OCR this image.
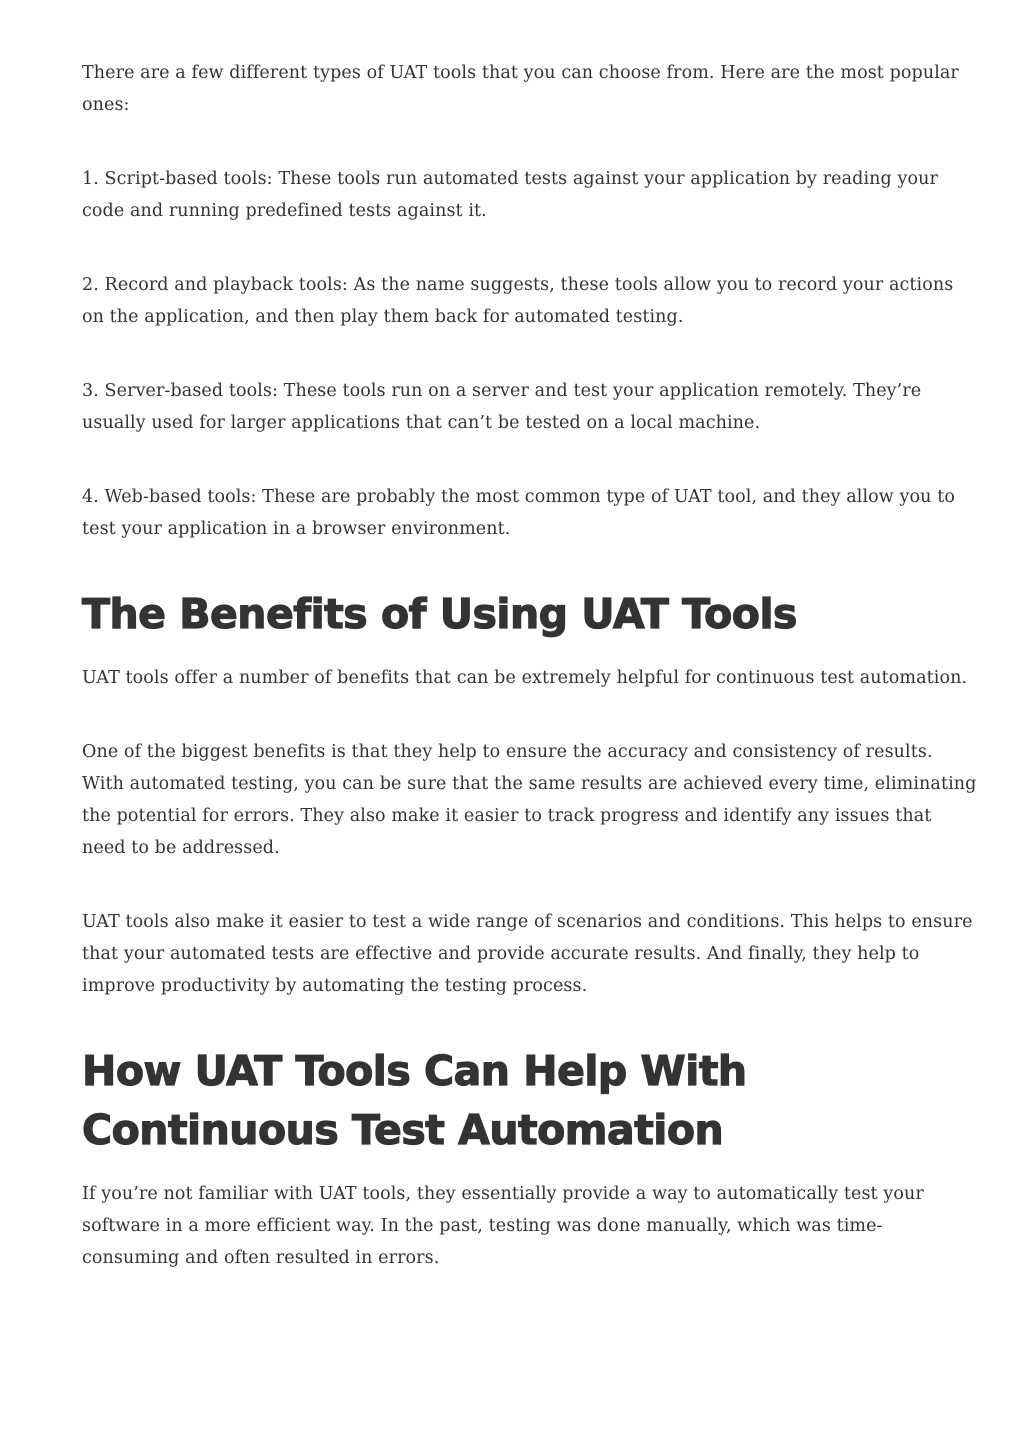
There are a few different types of UAT tools that you can choose from. Here are the most popular ones:

1. Script-based tools: These tools run automated tests against your application by reading your code and running predefined tests against it.

2. Record and playback tools: As the name suggests, these tools allow you to record your actions on the application, and then play them back for automated testing.

3. Server-based tools: These tools run on a server and test your application remotely. They’re usually used for larger applications that can’t be tested on a local machine.

4. Web-based tools: These are probably the most common type of UAT tool, and they allow you to test your application in a browser environment.

The Benefits of Using UAT Tools

UAT tools offer a number of benefits that can be extremely helpful for continuous test automation.

One of the biggest benefits is that they help to ensure the accuracy and consistency of results. With automated testing, you can be sure that the same results are achieved every time, eliminating the potential for errors. They also make it easier to track progress and identify any issues that need to be addressed.

UAT tools also make it easier to test a wide range of scenarios and conditions. This helps to ensure that your automated tests are effective and provide accurate results. And finally, they help to improve productivity by automating the testing process.

How UAT Tools Can Help With Continuous Test Automation

If you’re not familiar with UAT tools, they essentially provide a way to automatically test your software in a more efficient way. In the past, testing was done manually, which was time-consuming and often resulted in errors.
